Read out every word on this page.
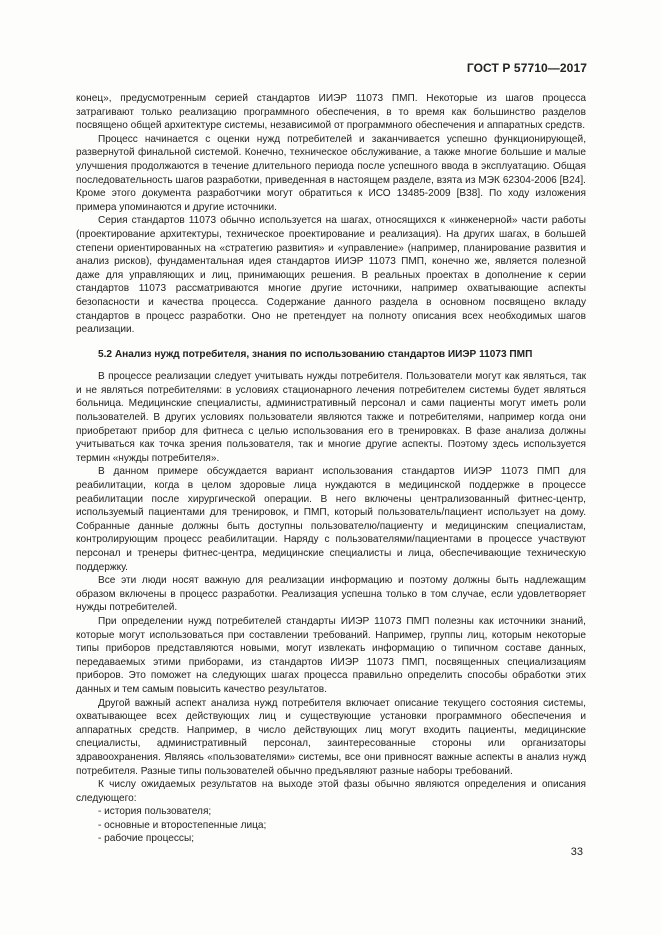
ГОСТ Р 57710—2017

конец», предусмотренным серией стандартов ИИЭР 11073 ПМП. Некоторые из шагов процесса затрагивают только реализацию программного обеспечения, в то время как большинство разделов посвящено общей архитектуре системы, независимой от программного обеспечения и аппаратных средств.

Процесс начинается с оценки нужд потребителей и заканчивается успешно функционирующей, развернутой финальной системой. Конечно, техническое обслуживание, а также многие большие и малые улучшения продолжаются в течение длительного периода после успешного ввода в эксплуатацию. Общая последовательность шагов разработки, приведенная в настоящем разделе, взята из МЭК 62304-2006 [B24]. Кроме этого документа разработчики могут обратиться к ИСО 13485-2009 [B38]. По ходу изложения примера упоминаются и другие источники.

Серия стандартов 11073 обычно используется на шагах, относящихся к «инженерной» части работы (проектирование архитектуры, техническое проектирование и реализация). На других шагах, в большей степени ориентированных на «стратегию развития» и «управление» (например, планирование развития и анализ рисков), фундаментальная идея стандартов ИИЭР 11073 ПМП, конечно же, является полезной даже для управляющих и лиц, принимающих решения. В реальных проектах в дополнение к серии стандартов 11073 рассматриваются многие другие источники, например охватывающие аспекты безопасности и качества процесса. Содержание данного раздела в основном посвящено вкладу стандартов в процесс разработки. Оно не претендует на полноту описания всех необходимых шагов реализации.

5.2 Анализ нужд потребителя, знания по использованию стандартов ИИЭР 11073 ПМП

В процессе реализации следует учитывать нужды потребителя. Пользователи могут как являться, так и не являться потребителями: в условиях стационарного лечения потребителем системы будет являться больница. Медицинские специалисты, административный персонал и сами пациенты могут иметь роли пользователей. В других условиях пользователи являются также и потребителями, например когда они приобретают прибор для фитнеса с целью использования его в тренировках. В фазе анализа должны учитываться как точка зрения пользователя, так и многие другие аспекты. Поэтому здесь используется термин «нужды потребителя».

В данном примере обсуждается вариант использования стандартов ИИЭР 11073 ПМП для реабилитации, когда в целом здоровые лица нуждаются в медицинской поддержке в процессе реабилитации после хирургической операции. В него включены централизованный фитнес-центр, используемый пациентами для тренировок, и ПМП, который пользователь/пациент использует на дому. Собранные данные должны быть доступны пользователю/пациенту и медицинским специалистам, контролирующим процесс реабилитации. Наряду с пользователями/пациентами в процессе участвуют персонал и тренеры фитнес-центра, медицинские специалисты и лица, обеспечивающие техническую поддержку.

Все эти люди носят важную для реализации информацию и поэтому должны быть надлежащим образом включены в процесс разработки. Реализация успешна только в том случае, если удовлетворяет нужды потребителей.

При определении нужд потребителей стандарты ИИЭР 11073 ПМП полезны как источники знаний, которые могут использоваться при составлении требований. Например, группы лиц, которым некоторые типы приборов представляются новыми, могут извлекать информацию о типичном составе данных, передаваемых этими приборами, из стандартов ИИЭР 11073 ПМП, посвященных специализациям приборов. Это поможет на следующих шагах процесса правильно определить способы обработки этих данных и тем самым повысить качество результатов.

Другой важный аспект анализа нужд потребителя включает описание текущего состояния системы, охватывающее всех действующих лиц и существующие установки программного обеспечения и аппаратных средств. Например, в число действующих лиц могут входить пациенты, медицинские специалисты, административный персонал, заинтересованные стороны или организаторы здравоохранения. Являясь «пользователями» системы, все они привносят важные аспекты в анализ нужд потребителя. Разные типы пользователей обычно предъявляют разные наборы требований.

К числу ожидаемых результатов на выходе этой фазы обычно являются определения и описания следующего:

- история пользователя;

- основные и второстепенные лица;

- рабочие процессы;

33
